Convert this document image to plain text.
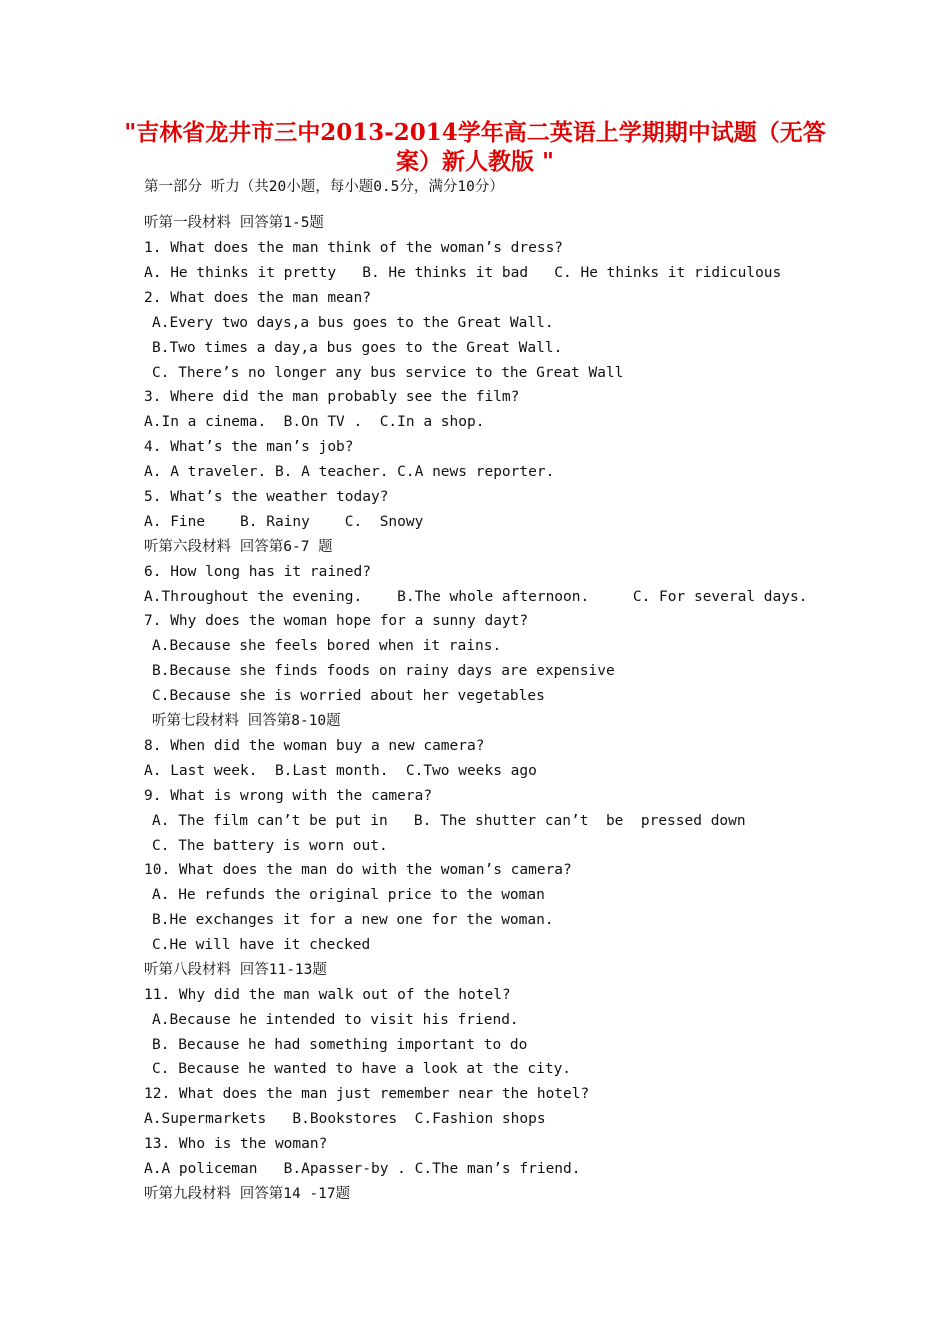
"吉林省龙井市三中2013-2014学年高二英语上学期期中试题（无答
案）新人教版 "
第一部分 听力（共20小题，每小题0.5分，满分10分）
听第一段材料 回答第1-5题
1. What does the man think of the woman’s dress?
A. He thinks it pretty   B. He thinks it bad   C. He thinks it ridiculous
2. What does the man mean?
A.Every two days,a bus goes to the Great Wall.
B.Two times a day,a bus goes to the Great Wall.
C. There’s no longer any bus service to the Great Wall
3. Where did the man probably see the film?
A.In a cinema.  B.On TV .  C.In a shop.
4. What’s the man’s job?
A. A traveler. B. A teacher. C.A news reporter.
5. What’s the weather today?
A. Fine    B. Rainy    C.  Snowy
听第六段材料 回答第6-7 题
6. How long has it rained?
A.Throughout the evening.    B.The whole afternoon.     C. For several days.
7. Why does the woman hope for a sunny dayt?
A.Because she feels bored when it rains.
B.Because she finds foods on rainy days are expensive
C.Because she is worried about her vegetables
听第七段材料 回答第8-10题
8. When did the woman buy a new camera?
A. Last week.  B.Last month.  C.Two weeks ago
9. What is wrong with the camera?
A. The film can’t be put in   B. The shutter can’t  be  pressed down
C. The battery is worn out.
10. What does the man do with the woman’s camera?
A. He refunds the original price to the woman
B.He exchanges it for a new one for the woman.
C.He will have it checked
听第八段材料 回答11-13题
11. Why did the man walk out of the hotel?
A.Because he intended to visit his friend.
B. Because he had something important to do
C. Because he wanted to have a look at the city.
12. What does the man just remember near the hotel?
A.Supermarkets   B.Bookstores  C.Fashion shops
13. Who is the woman?
A.A policeman   B.Apasser-by . C.The man’s friend.
听第九段材料 回答第14 -17题
